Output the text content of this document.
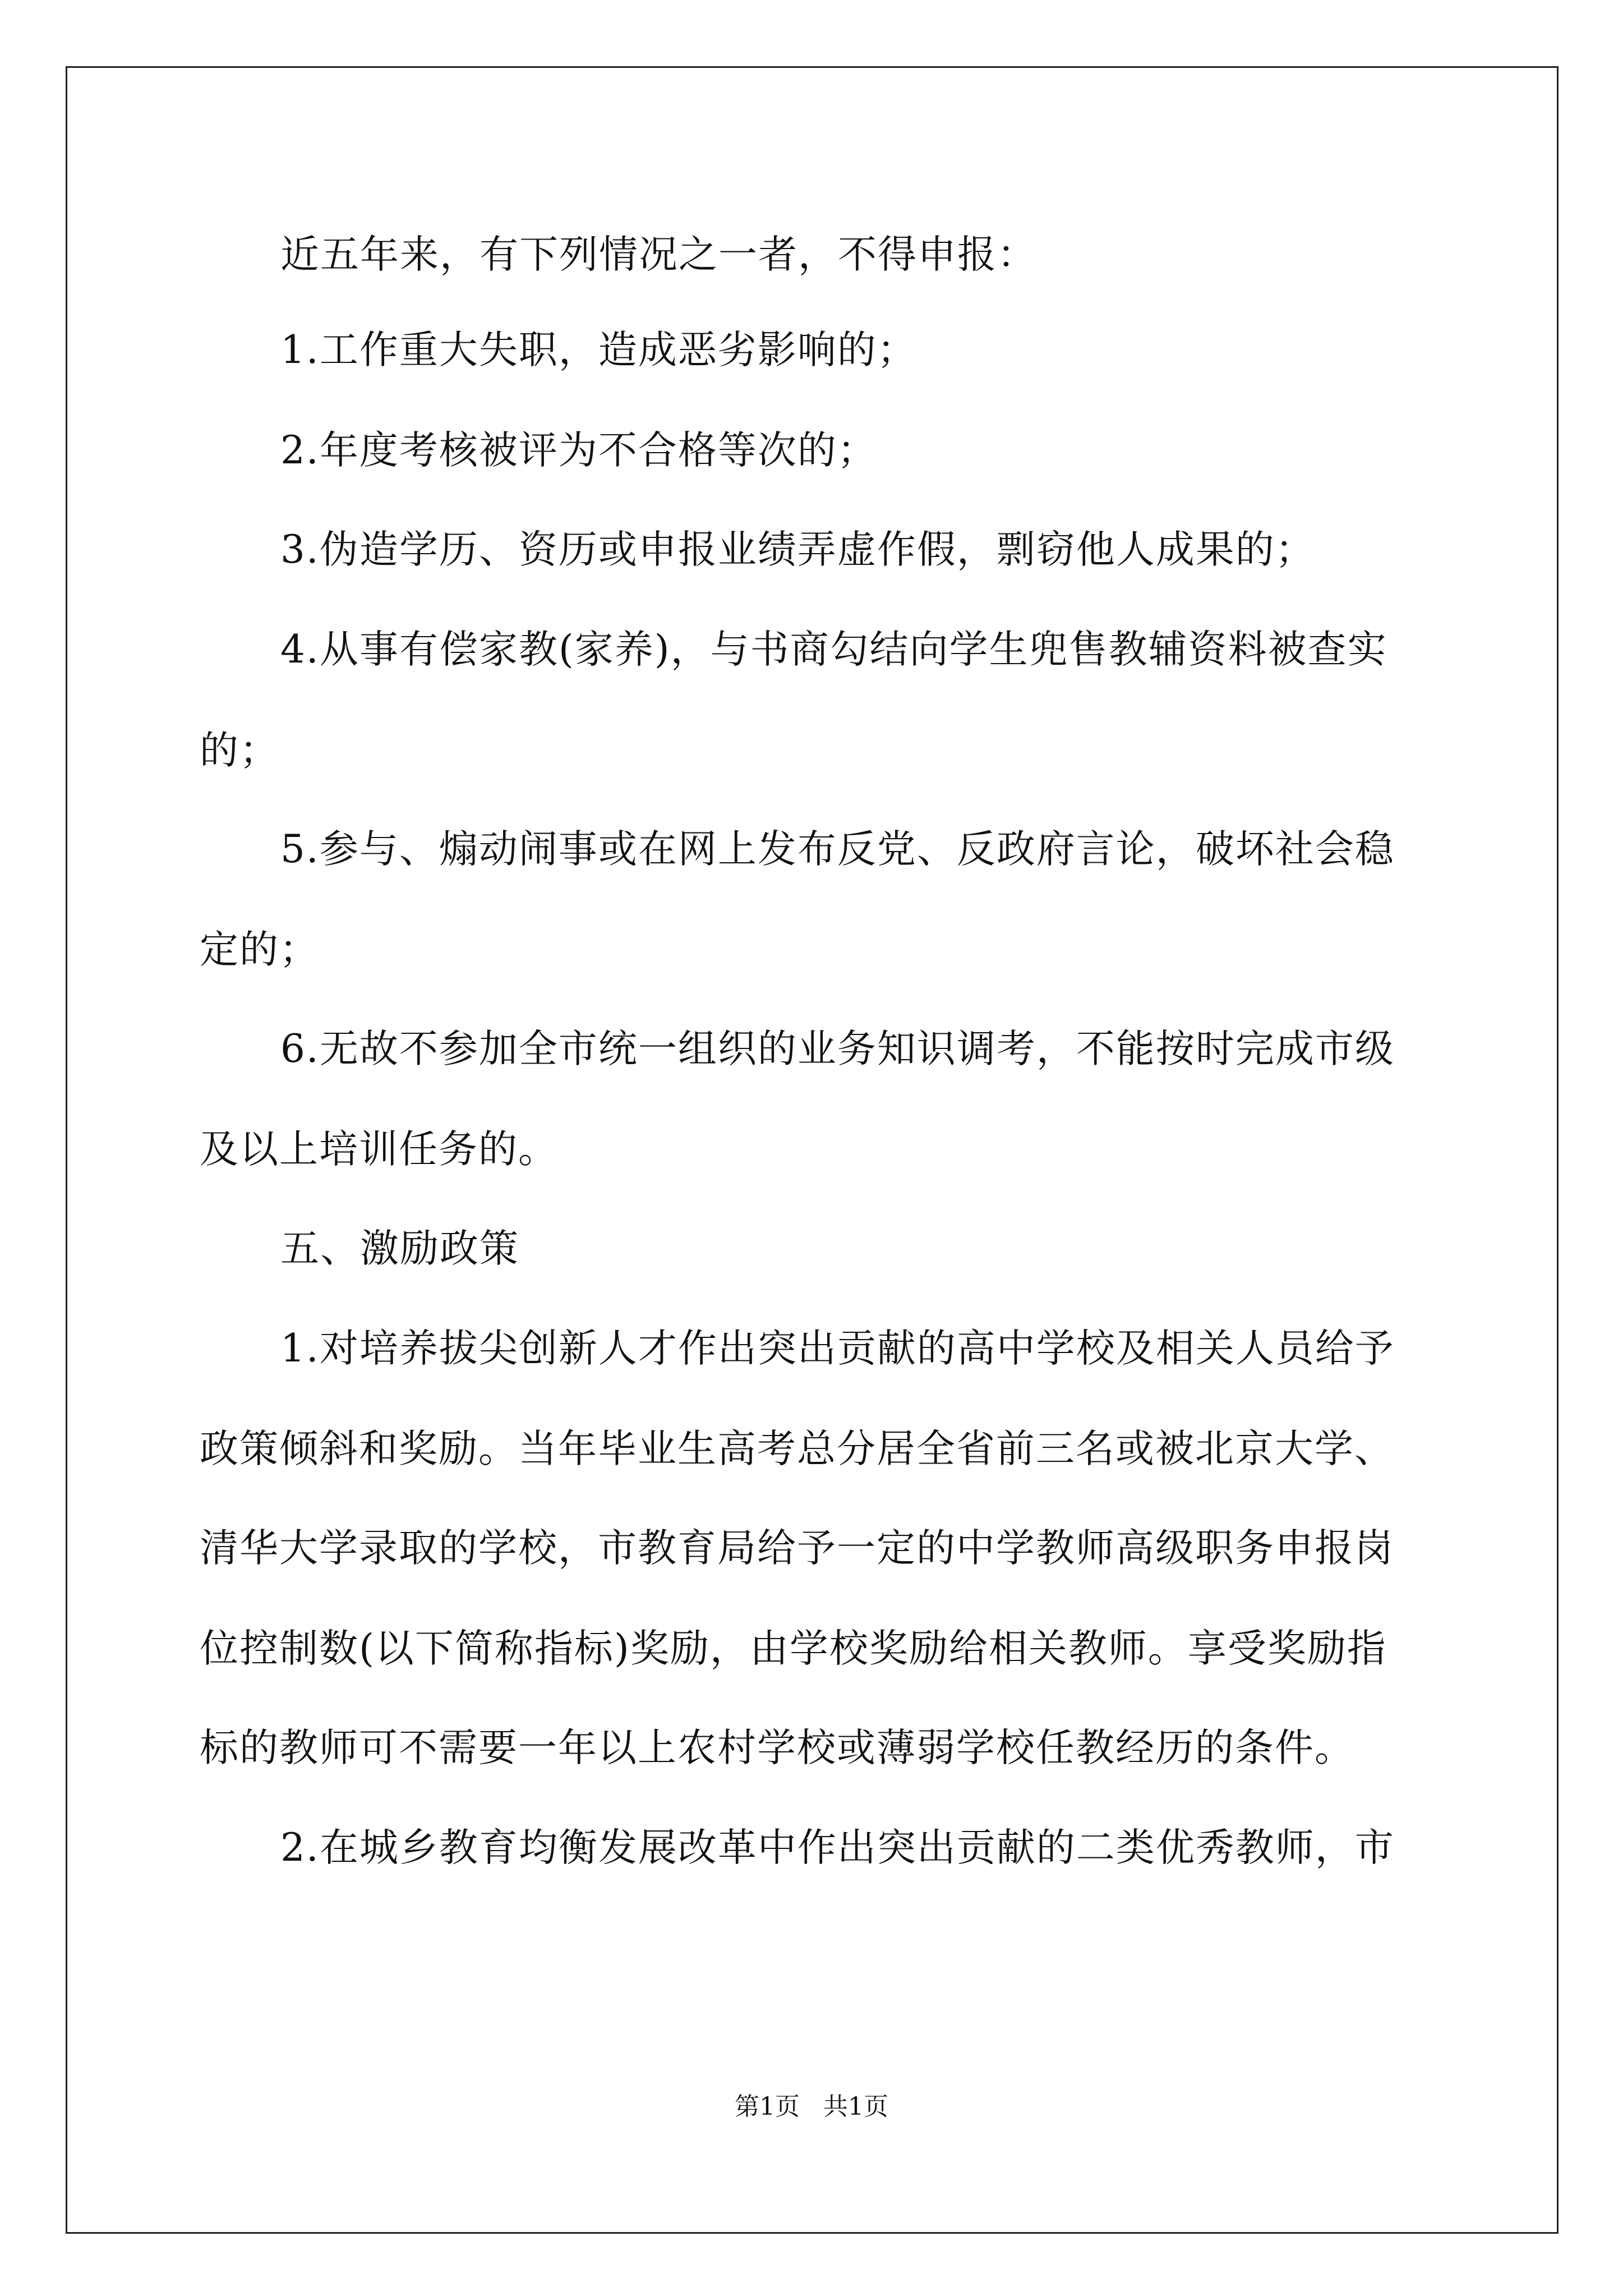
近五年来，有下列情况之一者，不得申报：
1.工作重大失职，造成恶劣影响的；
2.年度考核被评为不合格等次的；
3.伪造学历、资历或申报业绩弄虚作假，剽窃他人成果的；
4.从事有偿家教(家养)，与书商勾结向学生兜售教辅资料被查实
的；
5.参与、煽动闹事或在网上发布反党、反政府言论，破坏社会稳
定的；
6.无故不参加全市统一组织的业务知识调考，不能按时完成市级
及以上培训任务的。
五、激励政策
1.对培养拔尖创新人才作出突出贡献的高中学校及相关人员给予
政策倾斜和奖励。当年毕业生高考总分居全省前三名或被北京大学、
清华大学录取的学校，市教育局给予一定的中学教师高级职务申报岗
位控制数(以下简称指标)奖励，由学校奖励给相关教师。享受奖励指
标的教师可不需要一年以上农村学校或薄弱学校任教经历的条件。
2.在城乡教育均衡发展改革中作出突出贡献的二类优秀教师，市
第1页   共1页
